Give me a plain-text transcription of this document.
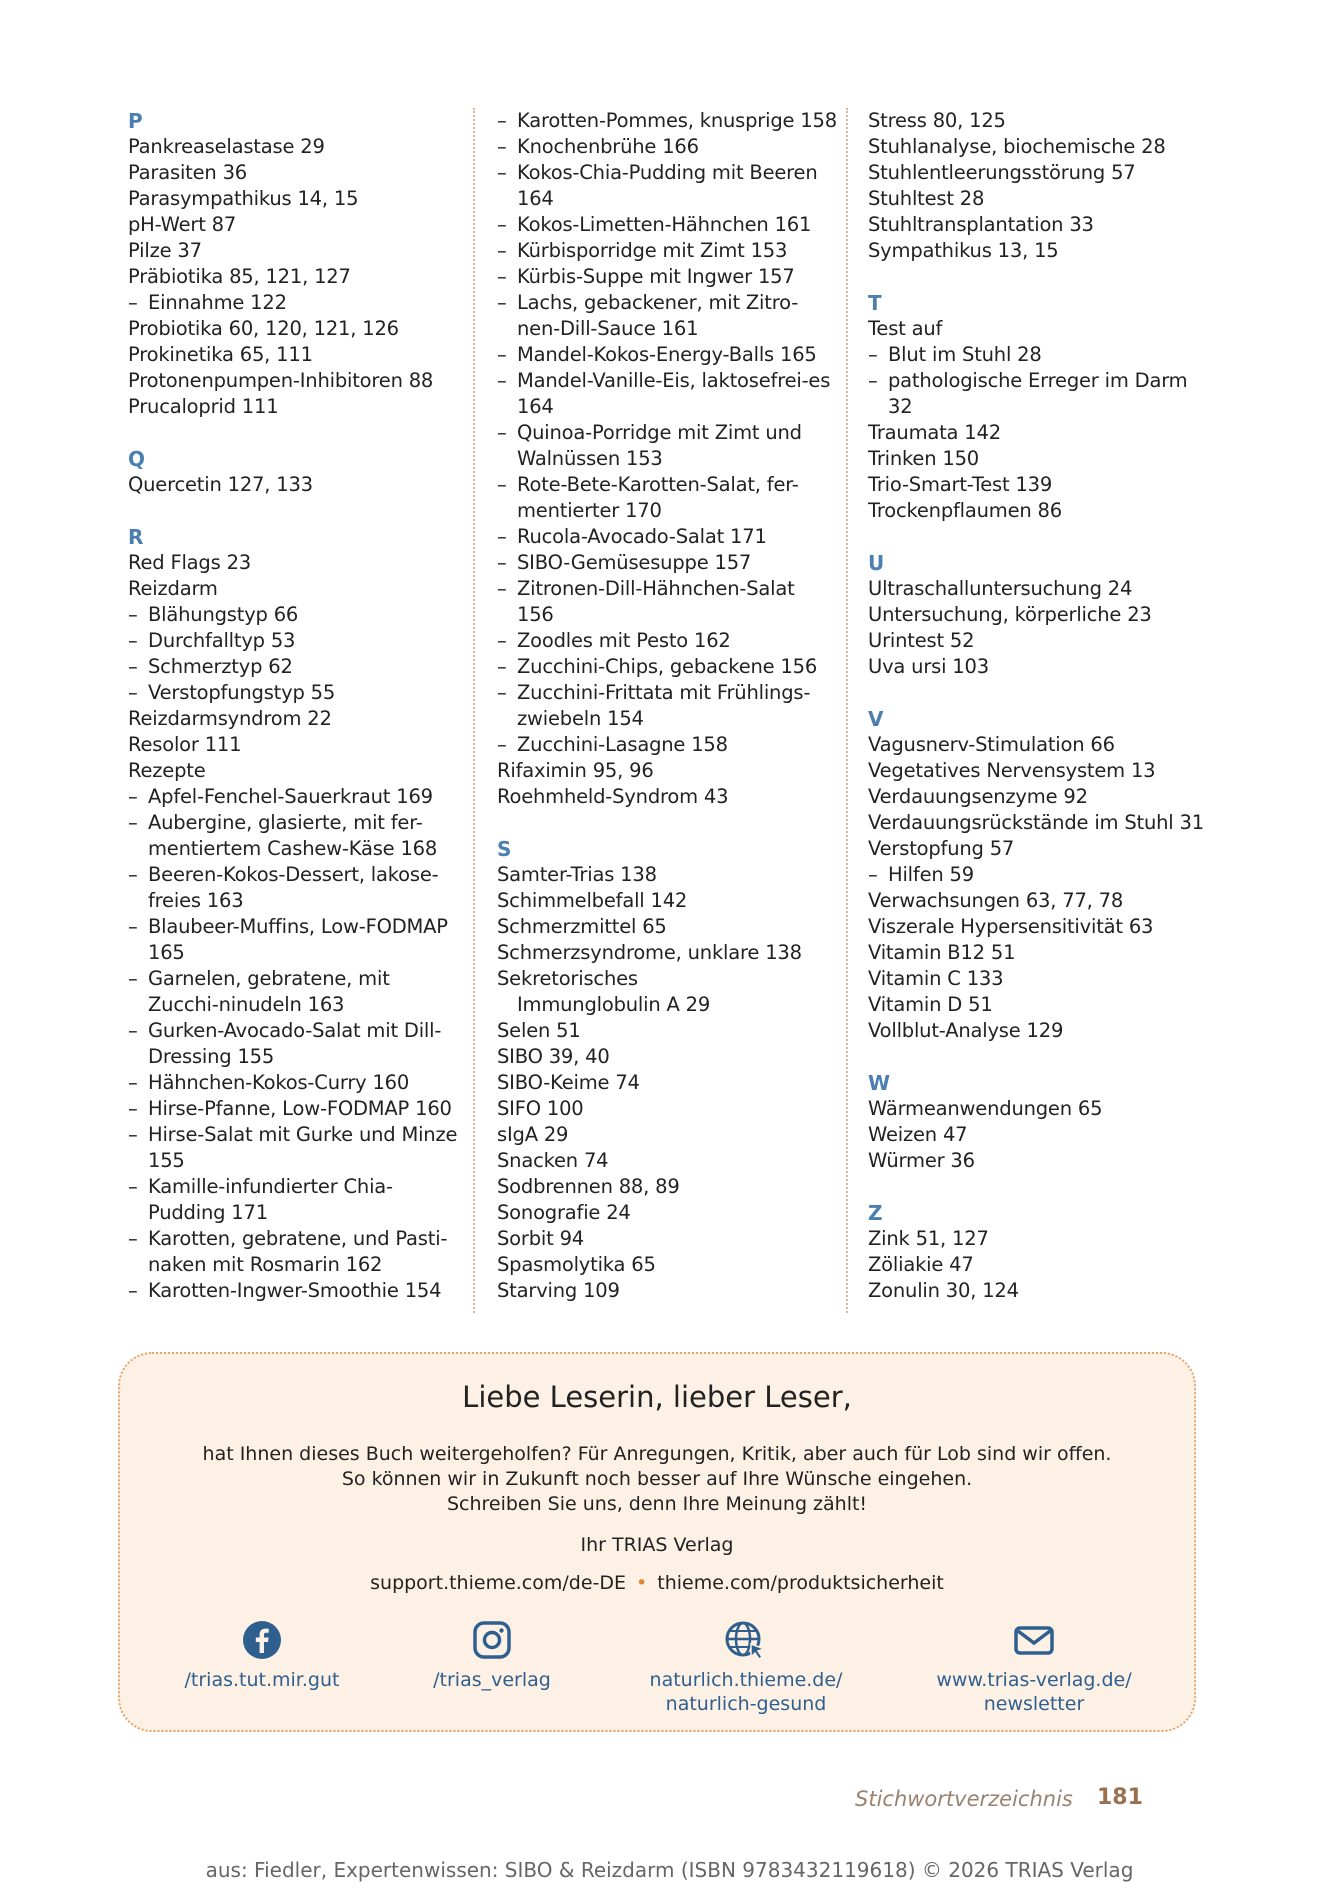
P
Pankreaselastase 29
Parasiten 36
Parasympathikus 14, 15
pH-Wert 87
Pilze 37
Präbiotika 85, 121, 127
– Einnahme 122
Probiotika 60, 120, 121, 126
Prokinetika 65, 111
Protonenpumpen-Inhibitoren 88
Prucaloprid 111
Q
Quercetin 127, 133
R
Red Flags 23
Reizdarm
– Blähungstyp 66
– Durchfalltyp 53
– Schmerztyp 62
– Verstopfungstyp 55
Reizdarmsyndrom 22
Resolor 111
Rezepte
– Apfel-Fenchel-Sauerkraut 169
– Aubergine, glasierte, mit fer-​mentiertem Cashew-Käse 168
– Beeren-Kokos-Dessert, lakose-​freies 163
– Blaubeer-Muffins, Low-FODMAP 165
– Garnelen, gebratene, mit Zucchi-​ninudeln 163
– Gurken-Avocado-Salat mit Dill-Dressing 155
– Hähnchen-Kokos-Curry 160
– Hirse-Pfanne, Low-FODMAP 160
– Hirse-Salat mit Gurke und Minze 155
– Kamille-infundierter Chia-​Pudding 171
– Karotten, gebratene, und Pasti-​naken mit Rosmarin 162
– Karotten-Ingwer-Smoothie 154
– Karotten-Pommes, knusprige 158
– Knochenbrühe 166
– Kokos-Chia-Pudding mit Beeren 164
– Kokos-Limetten-Hähnchen 161
– Kürbisporridge mit Zimt 153
– Kürbis-Suppe mit Ingwer 157
– Lachs, gebackener, mit Zitro-​nen-Dill-Sauce 161
– Mandel-Kokos-Energy-Balls 165
– Mandel-Vanille-Eis, laktosefrei-​es 164
– Quinoa-Porridge mit Zimt und Walnüssen 153
– Rote-Bete-Karotten-Salat, fer-​mentierter 170
– Rucola-Avocado-Salat 171
– SIBO-Gemüsesuppe 157
– Zitronen-Dill-Hähnchen-Salat 156
– Zoodles mit Pesto 162
– Zucchini-Chips, gebackene 156
– Zucchini-Frittata mit Frühlings-​zwiebeln 154
– Zucchini-Lasagne 158
Rifaximin 95, 96
Roehmheld-Syndrom 43
S
Samter-Trias 138
Schimmelbefall 142
Schmerzmittel 65
Schmerzsyndrome, unklare 138
Sekretorisches
Immunglobulin A 29
Selen 51
SIBO 39, 40
SIBO-Keime 74
SIFO 100
sIgA 29
Snacken 74
Sodbrennen 88, 89
Sonografie 24
Sorbit 94
Spasmolytika 65
Starving 109
Stress 80, 125
Stuhlanalyse, biochemische 28
Stuhlentleerungsstörung 57
Stuhltest 28
Stuhltransplantation 33
Sympathikus 13, 15
T
Test auf
– Blut im Stuhl 28
– pathologische Erreger im Darm 32
Traumata 142
Trinken 150
Trio-Smart-Test 139
Trockenpflaumen 86
U
Ultraschalluntersuchung 24
Untersuchung, körperliche 23
Urintest 52
Uva ursi 103
V
Vagusnerv-Stimulation 66
Vegetatives Nervensystem 13
Verdauungsenzyme 92
Verdauungsrückstände im Stuhl 31
Verstopfung 57
– Hilfen 59
Verwachsungen 63, 77, 78
Viszerale Hypersensitivität 63
Vitamin B12 51
Vitamin C 133
Vitamin D 51
Vollblut-Analyse 129
W
Wärmeanwendungen 65
Weizen 47
Würmer 36
Z
Zink 51, 127
Zöliakie 47
Zonulin 30, 124
Liebe Leserin, lieber Leser,
hat Ihnen dieses Buch weitergeholfen? Für Anregungen, Kritik, aber auch für Lob sind wir offen.
So können wir in Zukunft noch besser auf Ihre Wünsche eingehen.
Schreiben Sie uns, denn Ihre Meinung zählt!
Ihr TRIAS Verlag
support.thieme.com/de-DE • thieme.com/produktsicherheit
/trias.tut.mir.gut	/trias_verlag	naturlich.thieme.de/
naturlich-gesund
www.trias-verlag.de/
newsletter
Stichwortverzeichnis 181
aus: Fiedler, Expertenwissen: SIBO & Reizdarm (ISBN 9783432119618) © 2026 TRIAS Verlag
